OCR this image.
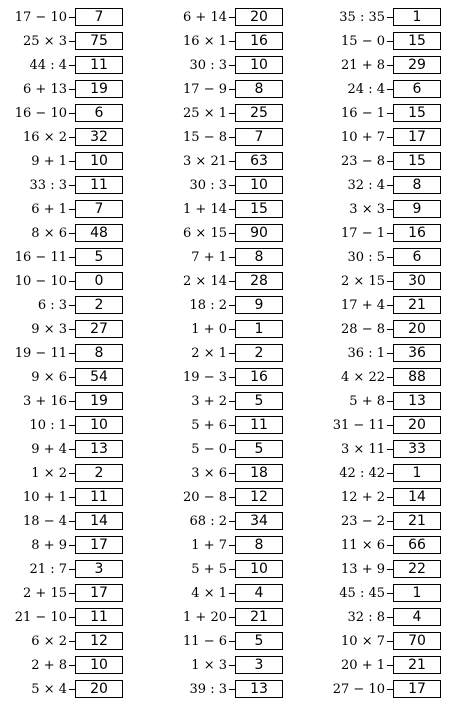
17 − 10	7
25 × 3	75
44 : 4	11
6 + 13	19
16 − 10	6
16 × 2	32
9 + 1	10
33 : 3	11
6 + 1	7
8 × 6	48
16 − 11	5
10 − 10	0
6 : 3	2
9 × 3	27
19 − 11	8
9 × 6	54
3 + 16	19
10 : 1	10
9 + 4	13
1 × 2	2
10 + 1	11
18 − 4	14
8 + 9	17
21 : 7	3
2 + 15	17
21 − 10	11
6 × 2	12
2 + 8	10
5 × 4	20
6 + 14	20
16 × 1	16
30 : 3	10
17 − 9	8
25 × 1	25
15 − 8	7
3 × 21	63
30 : 3	10
1 + 14	15
6 × 15	90
7 + 1	8
2 × 14	28
18 : 2	9
1 + 0	1
2 × 1	2
19 − 3	16
3 + 2	5
5 + 6	11
5 − 0	5
3 × 6	18
20 − 8	12
68 : 2	34
1 + 7	8
5 + 5	10
4 × 1	4
1 + 20	21
11 − 6	5
1 × 3	3
39 : 3	13
35 : 35	1
15 − 0	15
21 + 8	29
24 : 4	6
16 − 1	15
10 + 7	17
23 − 8	15
32 : 4	8
3 × 3	9
17 − 1	16
30 : 5	6
2 × 15	30
17 + 4	21
28 − 8	20
36 : 1	36
4 × 22	88
5 + 8	13
31 − 11	20
3 × 11	33
42 : 42	1
12 + 2	14
23 − 2	21
11 × 6	66
13 + 9	22
45 : 45	1
32 : 8	4
10 × 7	70
20 + 1	21
27 − 10	17
